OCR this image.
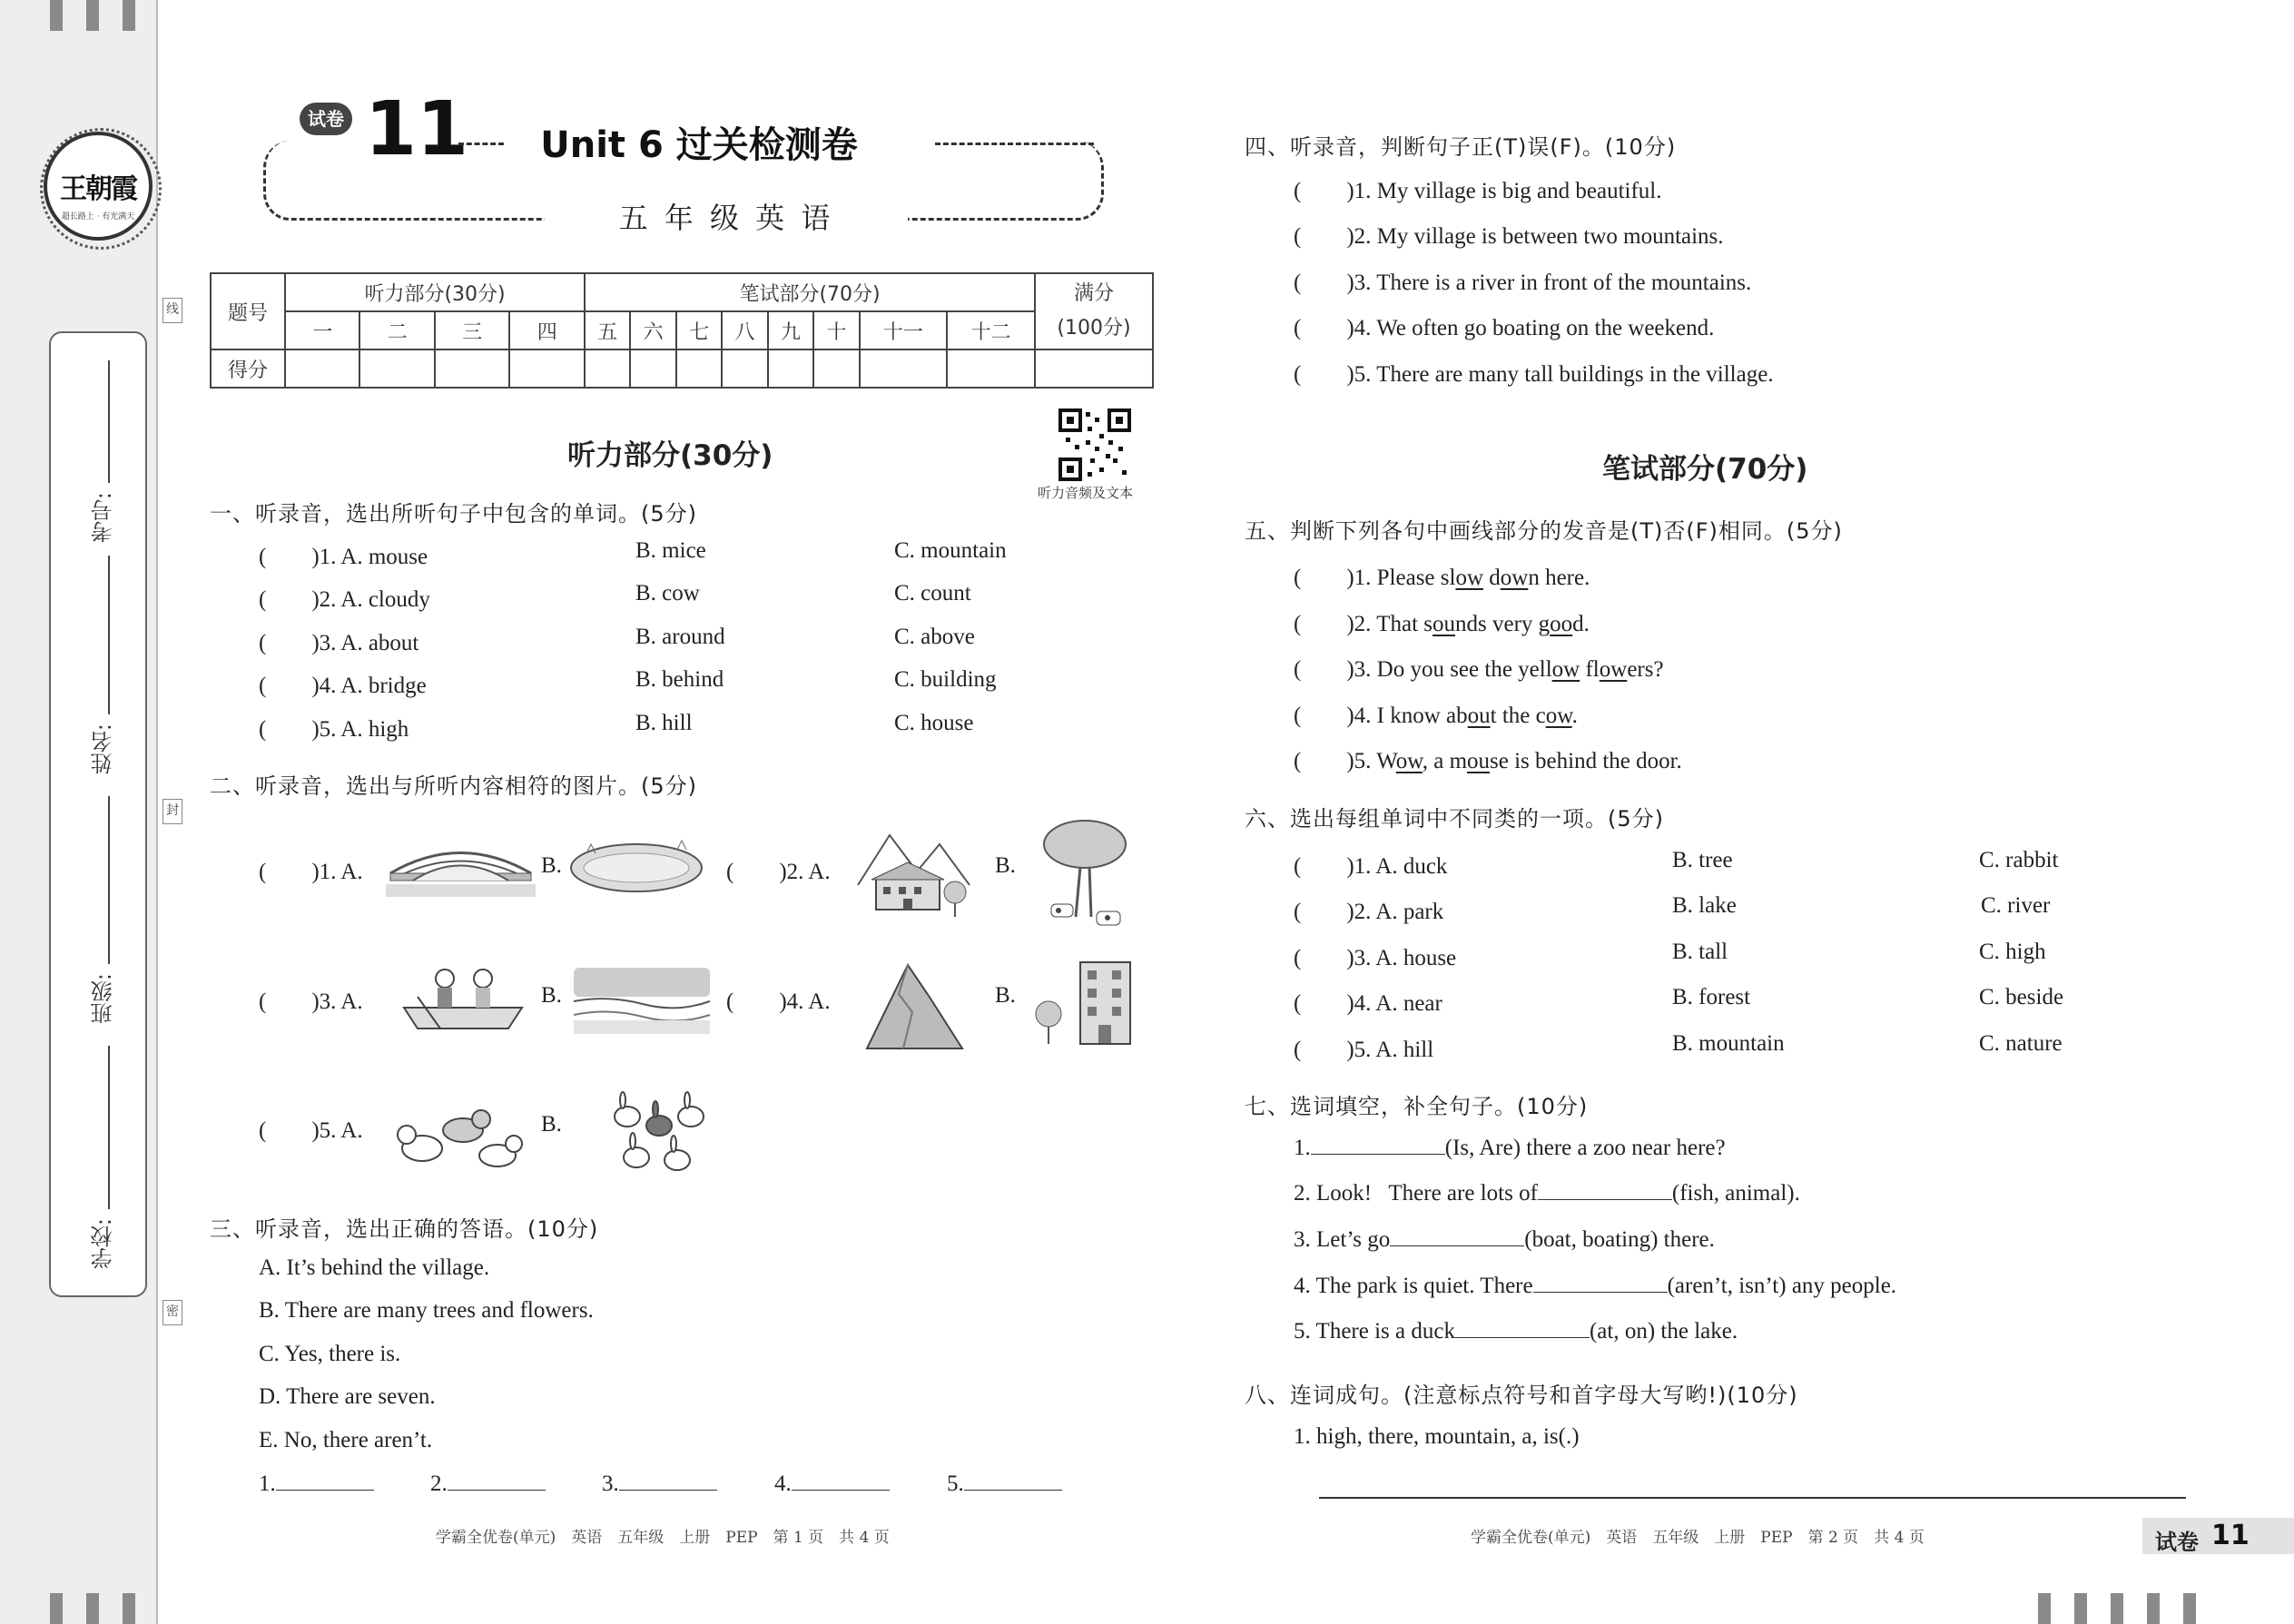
王朝霞
超长路上 · 有光满天
考号:
姓名:
班级:
学校:
线
封
密
试卷 11	Unit 6 过关检测卷
五 年 级 英 语
题号	听力部分(30分)				笔试部分(70分)								满分
(100分)
	一	二	三	四	五	六	七	八	九	十	十一	十二	
得分													
听力音频及文本
听力部分(30分)
一、听录音，选出所听句子中包含的单词。(5分)
(　　)1. A. mouse	B. mice	C. mountain
(　　)2. A. cloudy	B. cow	C. count
(　　)3. A. about	B. around	C. above
(　　)4. A. bridge	B. behind	C. building
(　　)5. A. high	B. hill	C. house
二、听录音，选出与所听内容相符的图片。(5分)
(　　)1. A.	B.	(　　)2. A.	B.
(　　)3. A.	B.	(　　)4. A.	B.
(　　)5. A.	B.
三、听录音，选出正确的答语。(10分)
A. It’s behind the village.
B. There are many trees and flowers.
C. Yes, there is.
D. There are seven.
E. No, there aren’t.
1.	2.	3.	4.	5.
学霸全优卷(单元)　英语　五年级　上册　PEP　第 1 页　共 4 页
四、听录音，判断句子正(T)误(F)。(10分)
(　　)1. My village is big and beautiful.
(　　)2. My village is between two mountains.
(　　)3. There is a river in front of the mountains.
(　　)4. We often go boating on the weekend.
(　　)5. There are many tall buildings in the village.
笔试部分(70分)
五、判断下列各句中画线部分的发音是(T)否(F)相同。(5分)
(　　)1. Please slow down here.
(　　)2. That sounds very good.
(　　)3. Do you see the yellow flowers?
(　　)4. I know about the cow.
(　　)5. Wow, a mouse is behind the door.
六、选出每组单词中不同类的一项。(5分)
(　　)1. A. duck	B. tree	C. rabbit
(　　)2. A. park	B. lake	C. river
(　　)3. A. house	B. tall	C. high
(　　)4. A. near	B. forest	C. beside
(　　)5. A. hill	B. mountain	C. nature
七、选词填空，补全句子。(10分)
1.	(Is, Are) there a zoo near here?
2. Look!   There are lots of	(fish, animal).
3. Let’s go	(boat, boating) there.
4. The park is quiet. There	(aren’t, isn’t) any people.
5. There is a duck	(at, on) the lake.
八、连词成句。(注意标点符号和首字母大写哟!)(10分)
1. high, there, mountain, a, is(.)
学霸全优卷(单元)　英语　五年级　上册　PEP　第 2 页　共 4 页	试卷 11
